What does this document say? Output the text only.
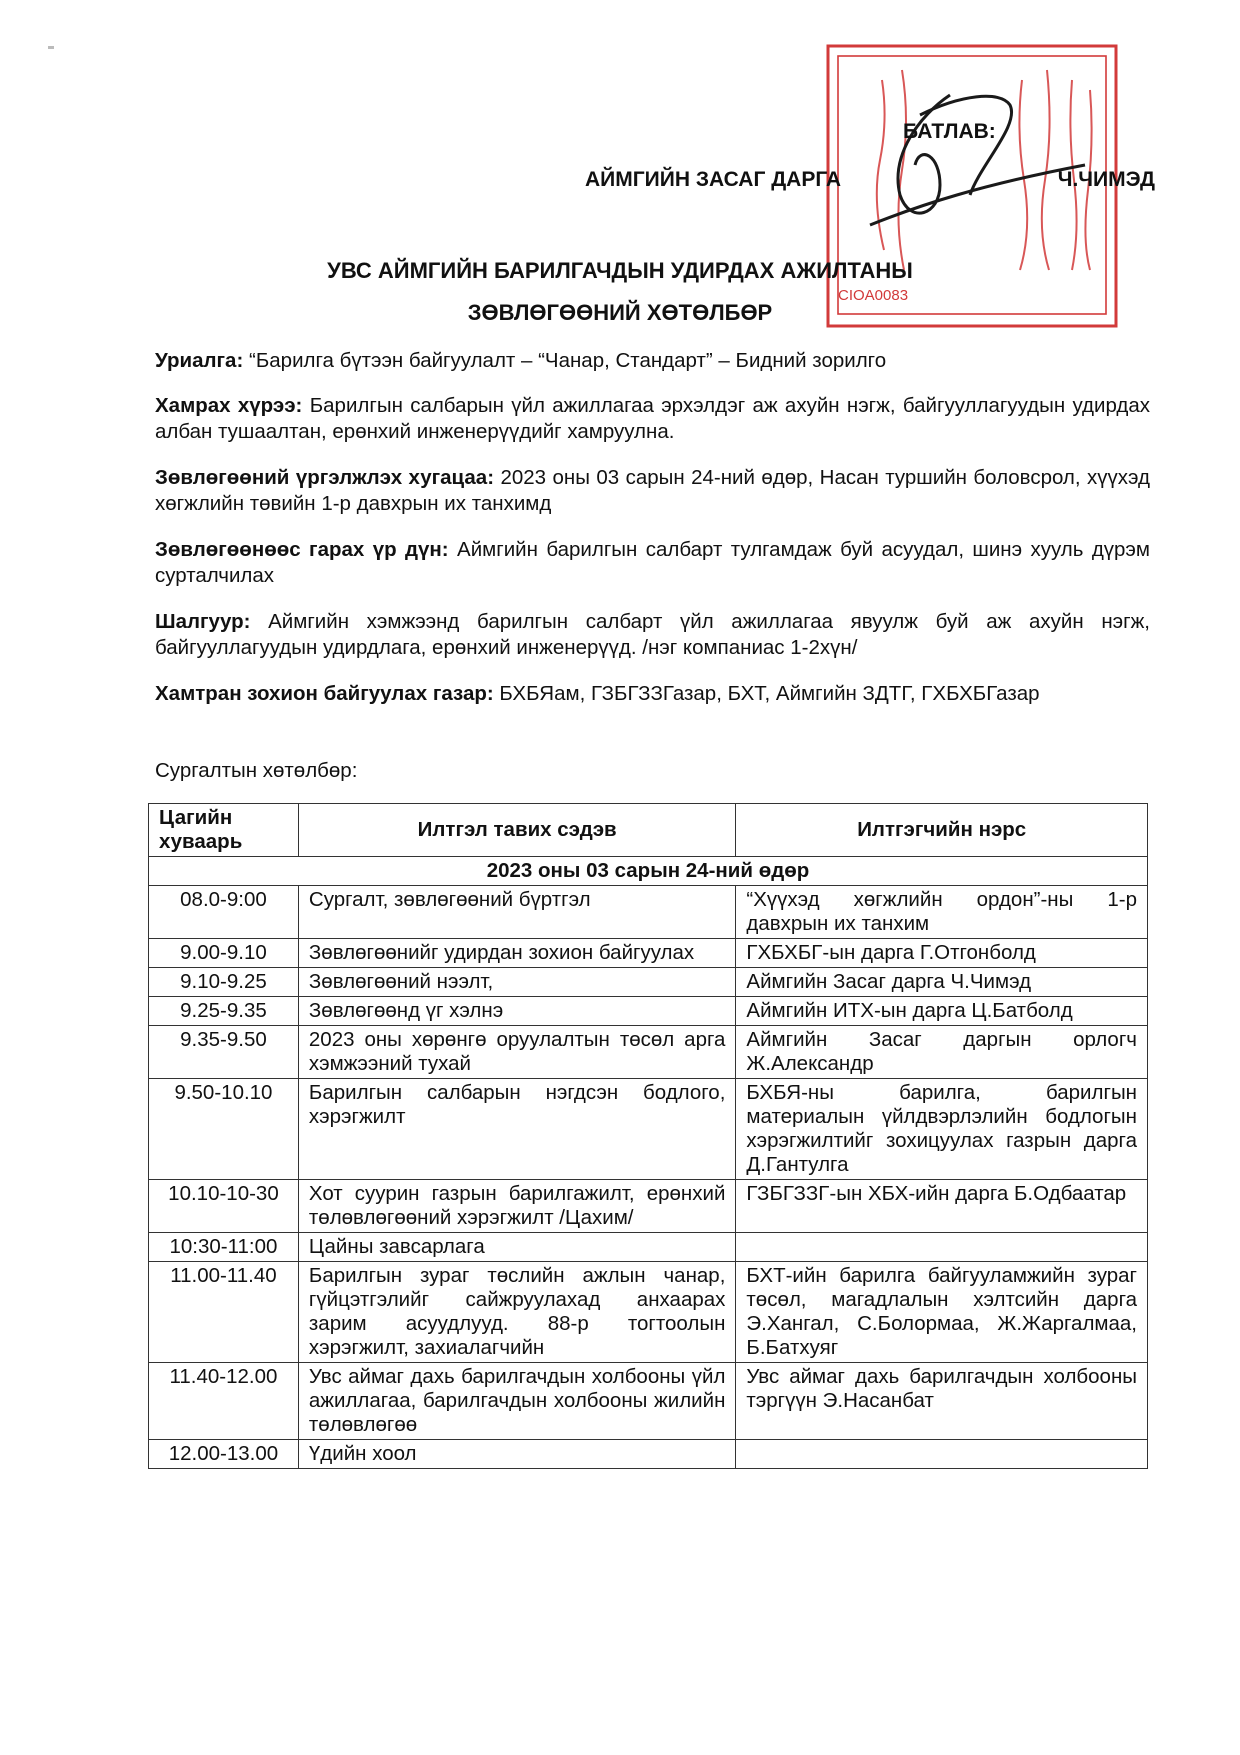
CIOA0083
БАТЛАВ:
АЙМГИЙН ЗАСАГ ДАРГА	Ч.ЧИМЭД
УВС АЙМГИЙН БАРИЛГАЧДЫН УДИРДАХ АЖИЛТАНЫ
ЗӨВЛӨГӨӨНИЙ ХӨТӨЛБӨР
Уриалга: “Барилга бүтээн байгуулалт – “Чанар, Стандарт” – Бидний зорилго
Хамрах хүрээ: Барилгын салбарын үйл ажиллагаа эрхэлдэг аж ахуйн нэгж, байгууллагуудын удирдах албан тушаалтан, ерөнхий инженерүүдийг хамруулна.
Зөвлөгөөний үргэлжлэх хугацаа: 2023 оны 03 сарын 24-ний өдөр, Насан туршийн боловсрол, хүүхэд хөгжлийн төвийн 1-р давхрын их танхимд
Зөвлөгөөнөөс гарах үр дүн: Аймгийн барилгын салбарт тулгамдаж буй асуудал, шинэ хууль дүрэм сурталчилах
Шалгуур: Аймгийн хэмжээнд барилгын салбарт үйл ажиллагаа явуулж буй аж ахуйн нэгж, байгууллагуудын удирдлага, ерөнхий инженерүүд. /нэг компаниас 1-2хүн/
Хамтран зохион байгуулах газар: БХБЯам, ГЗБГЗЗГазар, БХТ, Аймгийн ЗДТГ, ГХБХБГазар
Сургалтын хөтөлбөр:
Цагийн хуваарь	Илтгэл тавих сэдэв	Илтгэгчийн нэрс
2023 оны 03 сарын 24-ний өдөр		
08.0-9:00	Сургалт, зөвлөгөөний бүртгэл	“Хүүхэд хөгжлийн ордон”-ны 1-р давхрын их танхим
9.00-9.10	Зөвлөгөөнийг удирдан зохион байгуулах	ГХБХБГ-ын дарга Г.Отгонболд
9.10-9.25	Зөвлөгөөний нээлт,	Аймгийн Засаг дарга Ч.Чимэд
9.25-9.35	Зөвлөгөөнд үг хэлнэ	Аймгийн ИТХ-ын дарга Ц.Батболд
9.35-9.50	2023 оны хөрөнгө оруулалтын төсөл арга хэмжээний тухай	Аймгийн Засаг даргын орлогч Ж.Александр
9.50-10.10	Барилгын салбарын нэгдсэн бодлого, хэрэгжилт	БХБЯ-ны барилга, барилгын материалын үйлдвэрлэлийн бодлогын хэрэгжилтийг зохицуулах газрын дарга Д.Гантулга
10.10-10-30	Хот суурин газрын барилгажилт, ерөнхий төлөвлөгөөний хэрэгжилт /Цахим/	ГЗБГЗЗГ-ын ХБХ-ийн дарга Б.Одбаатар
10:30-11:00	Цайны завсарлага	
11.00-11.40	Барилгын зураг төслийн ажлын чанар, гүйцэтгэлийг сайжруулахад анхаарах зарим асуудлууд. 88-р тогтоолын хэрэгжилт, захиалагчийн	БХТ-ийн барилга байгууламжийн зураг төсөл, магадлалын хэлтсийн дарга Э.Хангал, С.Болормаа, Ж.Жаргалмаа, Б.Батхуяг
11.40-12.00	Увс аймаг дахь барилгачдын холбооны үйл ажиллагаа, барилгачдын холбооны жилийн төлөвлөгөө	Увс аймаг дахь барилгачдын холбооны тэргүүн Э.Насанбат
12.00-13.00	Үдийн хоол	
